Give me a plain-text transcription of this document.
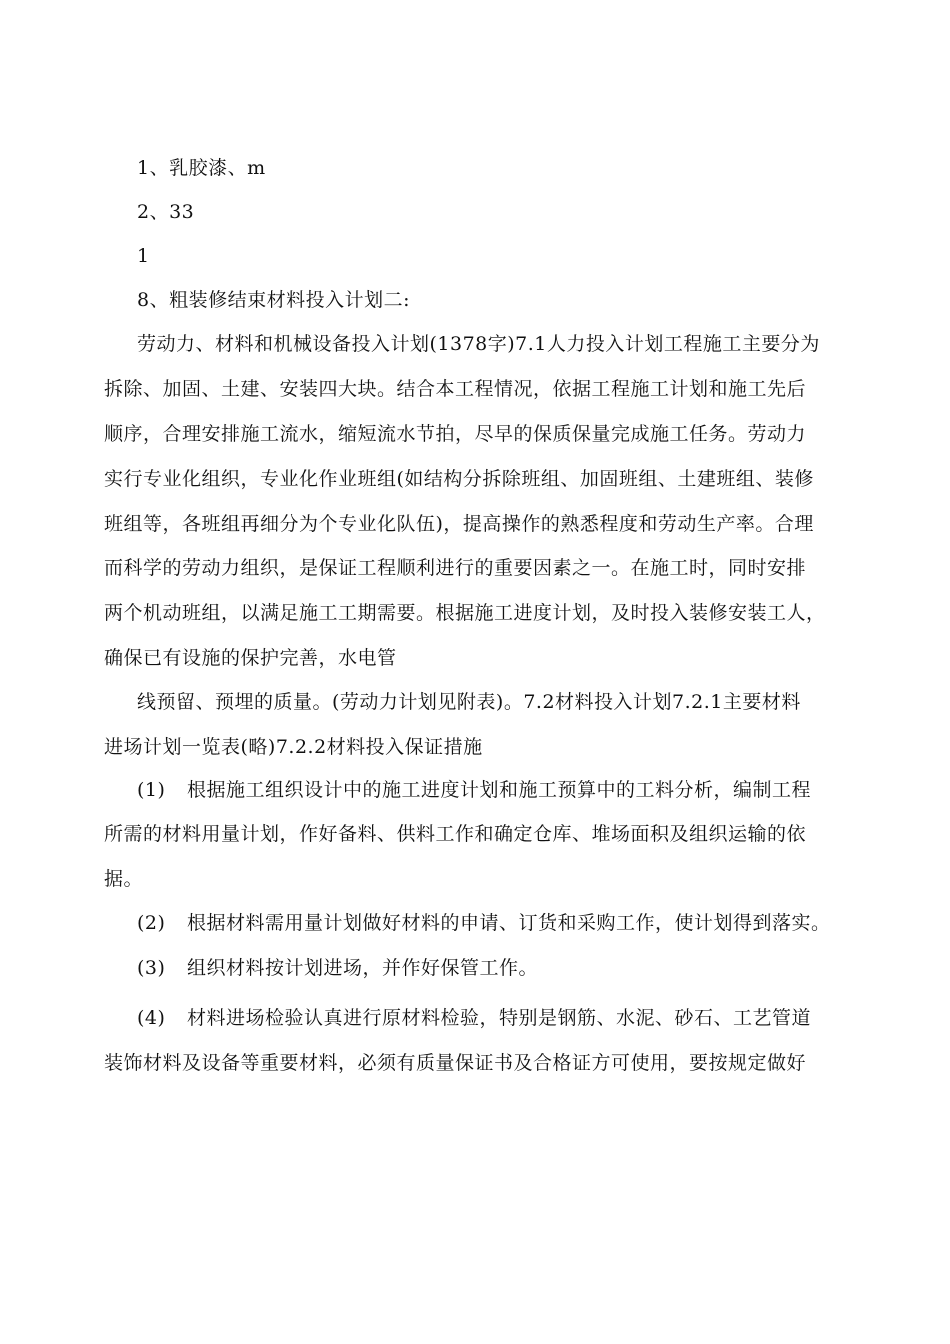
1、乳胶漆、m
2、33
1
8、粗装修结束材料投入计划二:
劳动力、材料和机械设备投入计划(1378字)7.1人力投入计划工程施工主要分为
拆除、加固、土建、安装四大块。结合本工程情况，依据工程施工计划和施工先后
顺序，合理安排施工流水，缩短流水节拍，尽早的保质保量完成施工任务。劳动力
实行专业化组织，专业化作业班组(如结构分拆除班组、加固班组、土建班组、装修
班组等，各班组再细分为个专业化队伍)，提高操作的熟悉程度和劳动生产率。合理
而科学的劳动力组织，是保证工程顺利进行的重要因素之一。在施工时，同时安排
两个机动班组，以满足施工工期需要。根据施工进度计划，及时投入装修安装工人，
确保已有设施的保护完善，水电管
线预留、预埋的质量。(劳动力计划见附表)。7.2材料投入计划7.2.1主要材料
进场计划一览表(略)7.2.2材料投入保证措施
(1) 根据施工组织设计中的施工进度计划和施工预算中的工料分析，编制工程
所需的材料用量计划，作好备料、供料工作和确定仓库、堆场面积及组织运输的依
据。
(2) 根据材料需用量计划做好材料的申请、订货和采购工作，使计划得到落实。
(3) 组织材料按计划进场，并作好保管工作。
(4) 材料进场检验认真进行原材料检验，特别是钢筋、水泥、砂石、工艺管道
装饰材料及设备等重要材料，必须有质量保证书及合格证方可使用，要按规定做好
